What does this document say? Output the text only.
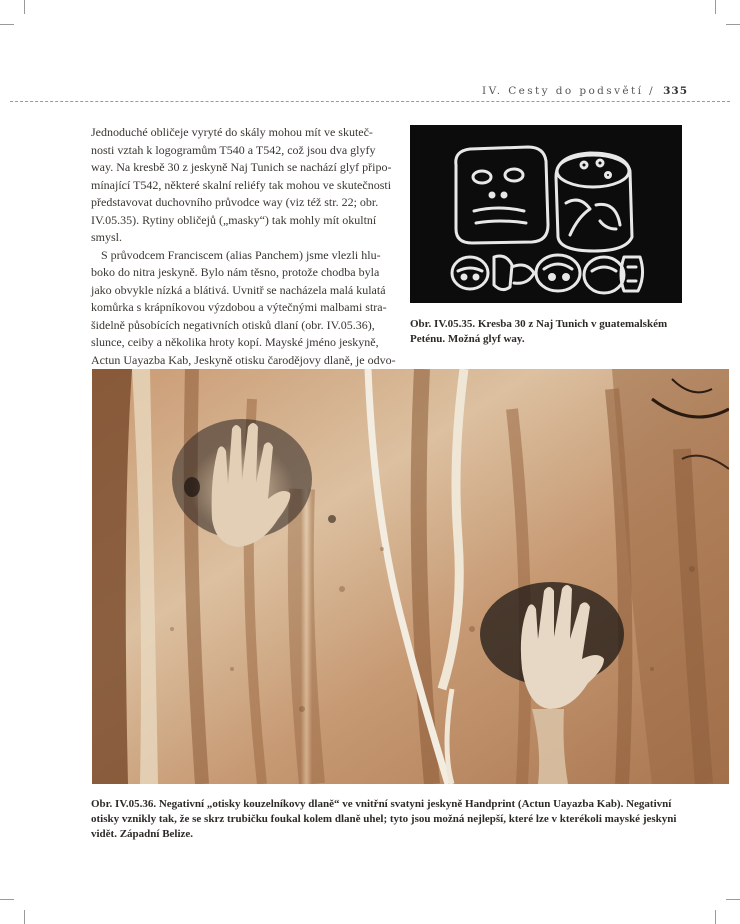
IV. Cesty do podsvětí / 335

Jednoduché obličeje vyryté do skály mohou mít ve skuteč-
nosti vztah k logogramům T540 a T542, což jsou dva glyfy
way. Na kresbě 30 z jeskyně Naj Tunich se nachází glyf připo-
mínající T542, některé skalní reliéfy tak mohou ve skutečnosti
představovat duchovního průvodce way (viz též str. 22; obr.
IV.05.35). Rytiny obličejů („masky“) tak mohly mít okultní
smysl.

S průvodcem Franciscem (alias Panchem) jsme vlezli hlu-
boko do nitra jeskyně. Bylo nám těsno, protože chodba byla
jako obvykle nízká a blátivá. Uvnitř se nacházela malá kulatá
komůrka s krápníkovou výzdobou a výtečnými malbami stra-
šidelně působících negativních otisků dlaní (obr. IV.05.36),
slunce, ceiby a několika hroty kopí. Mayské jméno jeskyně,
Actun Uayazba Kab, Jeskyně otisku čarodějovy dlaně, je odvo-

Obr. IV.05.35. Kresba 30 z Naj Tunich v guatemalském
Peténu. Možná glyf way.
Obr. IV.05.36. Negativní „otisky kouzelníkovy dlaně“ ve vnitřní svatyni jeskyně Handprint (Actun Uayazba Kab). Negativní
otisky vznikly tak, že se skrz trubičku foukal kolem dlaně uhel; tyto jsou možná nejlepší, které lze v kterékoli mayské jeskyni
vidět. Západní Belize.
